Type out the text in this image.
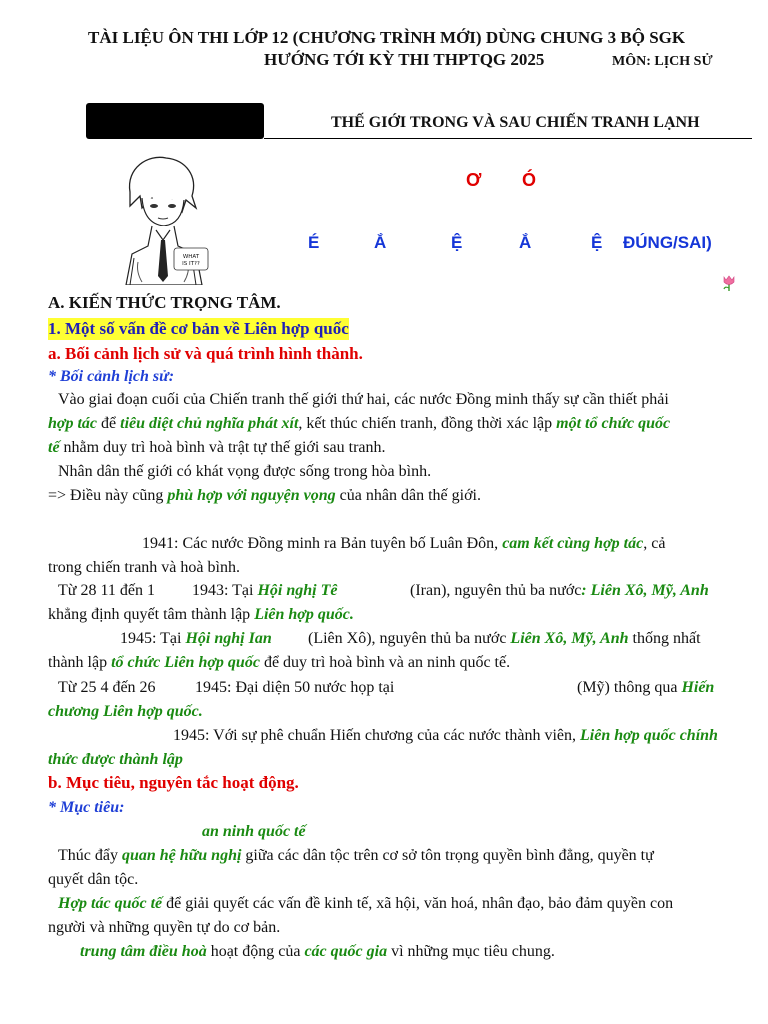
TÀI LIỆU ÔN THI LỚP 12 (CHƯƠNG TRÌNH MỚI) DÙNG CHUNG 3 BỘ SGK
HƯỚNG TỚI KỲ THI THPTQG 2025	MÔN: LỊCH SỬ
THẾ GIỚI TRONG VÀ SAU CHIẾN TRANH LẠNH
WHAT
IS IT??
Ơ Ó
É	Ắ	Ệ	Ắ	Ệ ĐÚNG/SAI)
A. KIẾN THỨC TRỌNG TÂM.
1. Một số vấn đề cơ bản về Liên hợp quốc
a. Bối cảnh lịch sử và quá trình hình thành.
* Bối cảnh lịch sử:
Vào giai đoạn cuối của Chiến tranh thế giới thứ hai, các nước Đồng minh thấy sự cần thiết phải
hợp tác để tiêu diệt chủ nghĩa phát xít, kết thúc chiến tranh, đồng thời xác lập một tổ chức quốc
tế nhằm duy trì hoà bình và trật tự thế giới sau tranh.
Nhân dân thế giới có khát vọng được sống trong hòa bình.
=> Điều này cũng phù hợp với nguyện vọng của nhân dân thế giới.
1941: Các nước Đồng minh ra Bản tuyên bố Luân Đôn, cam kết cùng hợp tác, cả
trong chiến tranh và hoà bình.
Từ 28 11 đến 1 1943: Tại Hội nghị Tê	(Iran), nguyên thủ ba nước: Liên Xô, Mỹ, Anh
khẳng định quyết tâm thành lập Liên hợp quốc.
1945: Tại Hội nghị Ian (Liên Xô), nguyên thủ ba nước Liên Xô, Mỹ, Anh thống nhất
thành lập tổ chức Liên hợp quốc để duy trì hoà bình và an ninh quốc tế.
Từ 25 4 đến 26 1945: Đại diện 50 nước họp tại	(Mỹ) thông qua Hiến
chương Liên hợp quốc.
1945: Với sự phê chuẩn Hiến chương của các nước thành viên, Liên hợp quốc chính
thức được thành lập
b. Mục tiêu, nguyên tắc hoạt động.
* Mục tiêu:
an ninh quốc tế
Thúc đẩy quan hệ hữu nghị giữa các dân tộc trên cơ sở tôn trọng quyền bình đẳng, quyền tự
quyết dân tộc.
Hợp tác quốc tế để giải quyết các vấn đề kinh tế, xã hội, văn hoá, nhân đạo, bảo đảm quyền con
người và những quyền tự do cơ bản.
trung tâm điều hoà hoạt động của các quốc gia vì những mục tiêu chung.
